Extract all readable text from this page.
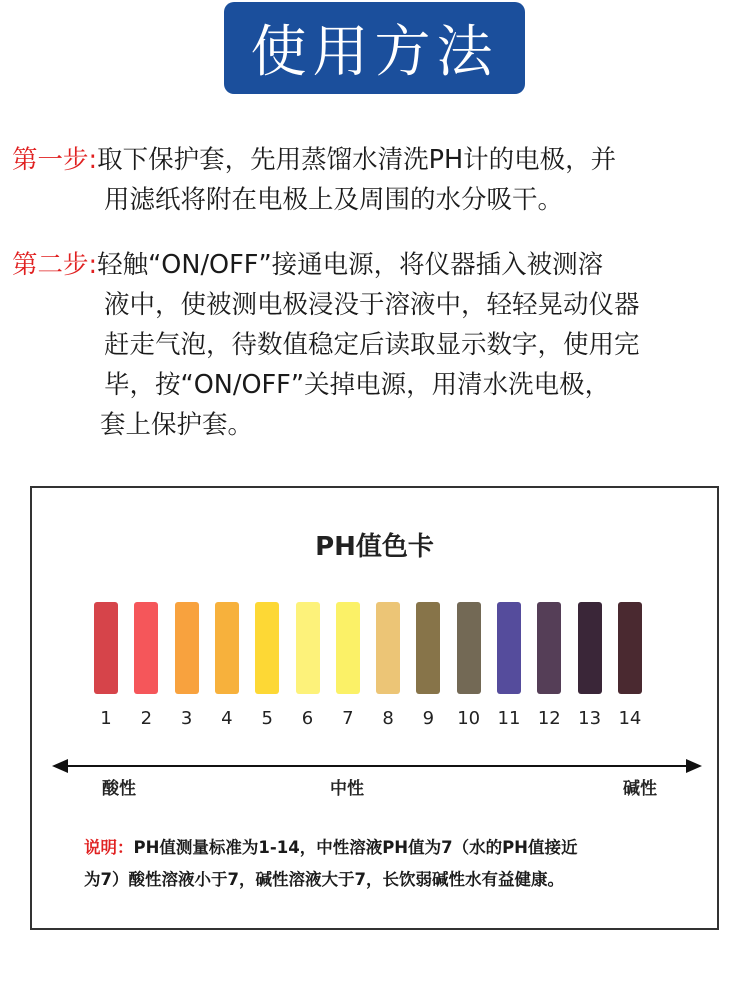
使用方法
第一步:取下保护套，先用蒸馏水清洗PH计的电极，并
用滤纸将附在电极上及周围的水分吸干。
第二步:轻触“ON/OFF”接通电源，将仪器插入被测溶
液中，使被测电极浸没于溶液中，轻轻晃动仪器
赶走气泡，待数值稳定后读取显示数字，使用完
毕，按“ON/OFF”关掉电源，用清水洗电极，
套上保护套。
PH值色卡
1	2	3	4	5	6	7	8	9	10 11 12 13 14
酸性	中性	碱性
说明：PH值测量标准为1-14，中性溶液PH值为7（水的PH值接近
为7）酸性溶液小于7，碱性溶液大于7，长饮弱碱性水有益健康。
